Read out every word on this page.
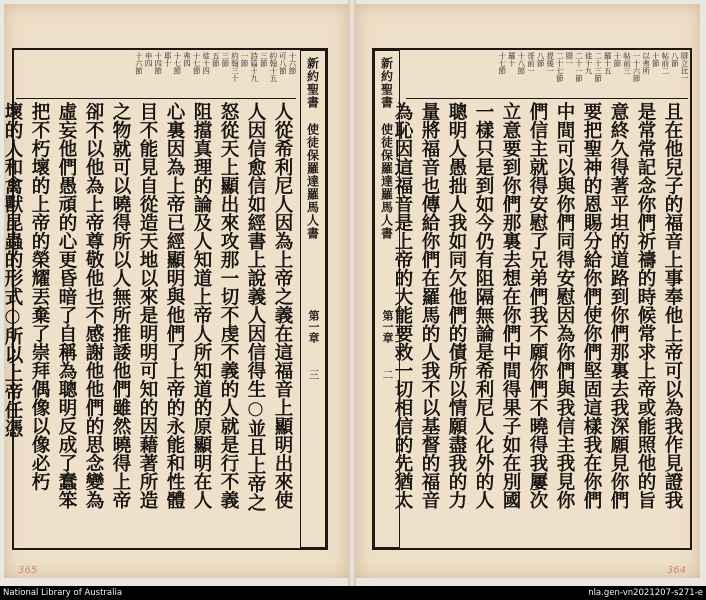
十六節
可八節
約翰十五
三節
詩篇十九
一節
約翰三十
三節
五節
徒十四
十七節
弗四
十七節
耶十
十四節
申四
十六節
人從希利尼人因為上帝之義在這福音上顯明出來使
人因信愈信如經書上說義人因信得生○並且上帝之
怒從天上顯出來攻那一切不虔不義的人就是行不義
阻擋真理的論及人知道上帝人所知道的原顯明在人
心裏因為上帝已經顯明與他們了上帝的永能和性體
目不能見自從造天地以來是明明可知的因藉著所造
之物就可以曉得所以人無所推諉他們雖然曉得上帝
卻不以他為上帝尊敬他也不感謝他他們的思念變為
虛妄他們愚頑的心更昏暗了自稱為聰明反成了蠢笨
把不朽壞的上帝的榮耀丟棄了崇拜偶像以像必朽
壞的人和禽獸昆蟲的形式○所以上帝任憑
新約聖書
使徒保羅達羅馬人書
第一章
三
365
腓立比一
八節
帖前二
十節
以弗所
一十六節
帖前三
十節
羅十五
二十三節
徒十九
二十一節
腓一
二十七節
提後一
八節
哥前一
十八節
羅十
十七節
且在他兒子的福音上事奉他上帝可以為我作見證我
是常常記念你們祈禱的時候常求上帝或能照他的旨
意終久得著平坦的道路到你們那裏去我深願見你們
要把聖神的恩賜分給你們使你們堅固這樣我在你們
中間可以與你們同得安慰因為你們與我信主我見你
們信主就得安慰了兄弟們我不願你們不曉得我屢次
立意要到你們那裏去想在你們中間得果子如在別國
一樣只是到如今仍有阻隔無論是希利尼人化外的人
聰明人愚拙人我如同欠他們的債所以情願盡我的力
量將福音也傳給你們在羅馬的人我不以基督的福音
為恥因這福音是上帝的大能要救一切相信的先猶太
新約聖書
使徒保羅達羅馬人書
第一章
二
364
National Library of Australia	nla.gen-vn2021207-s271-e
